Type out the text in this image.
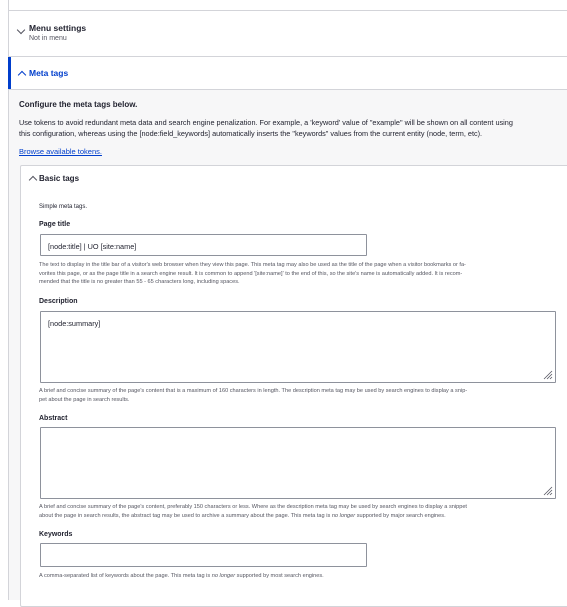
Menu settings
Not in menu
Meta tags
Configure the meta tags below.
Use tokens to avoid redundant meta data and search engine penalization. For example, a 'keyword' value of "example" will be shown on all content using
this configuration, whereas using the [node:field_keywords] automatically inserts the "keywords" values from the current entity (node, term, etc).
Browse available tokens.
Basic tags
Simple meta tags.
Page title
[node:title] | UO [site:name]
The text to display in the title bar of a visitor's web browser when they view this page. This meta tag may also be used as the title of the page when a visitor bookmarks or fa-
vorites this page, or as the page title in a search engine result. It is common to append '[site:name]' to the end of this, so the site's name is automatically added. It is recom-
mended that the title is no greater than 55 - 65 characters long, including spaces.
Description
[node:summary]
A brief and concise summary of the page's content that is a maximum of 160 characters in length. The description meta tag may be used by search engines to display a snip-
pet about the page in search results.
Abstract
A brief and concise summary of the page's content, preferably 150 characters or less. Where as the description meta tag may be used by search engines to display a snippet
about the page in search results, the abstract tag may be used to archive a summary about the page. This meta tag is no longer supported by major search engines.
Keywords
A comma-separated list of keywords about the page. This meta tag is no longer supported by most search engines.
